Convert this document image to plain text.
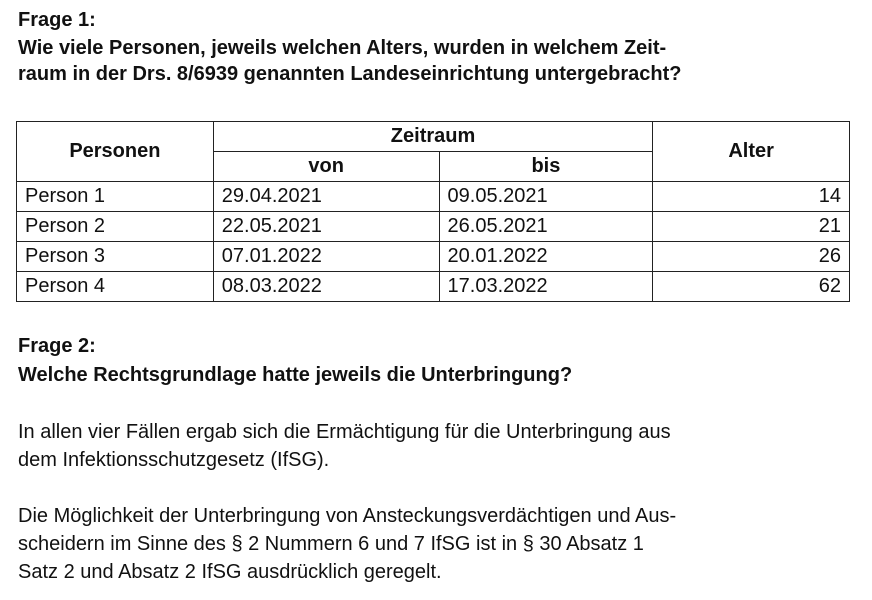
Frage 1:
Wie viele Personen, jeweils welchen Alters, wurden in welchem Zeit-
raum in der Drs. 8/6939 genannten Landeseinrichtung untergebracht?
Personen	Zeitraum		Alter
	von	bis	
Person 1	29.04.2021	09.05.2021	14
Person 2	22.05.2021	26.05.2021	21
Person 3	07.01.2022	20.01.2022	26
Person 4	08.03.2022	17.03.2022	62
Frage 2:
Welche Rechtsgrundlage hatte jeweils die Unterbringung?
In allen vier Fällen ergab sich die Ermächtigung für die Unterbringung aus
dem Infektionsschutzgesetz (IfSG).
Die Möglichkeit der Unterbringung von Ansteckungsverdächtigen und Aus-
scheidern im Sinne des § 2 Nummern 6 und 7 IfSG ist in § 30 Absatz 1
Satz 2 und Absatz 2 IfSG ausdrücklich geregelt.
